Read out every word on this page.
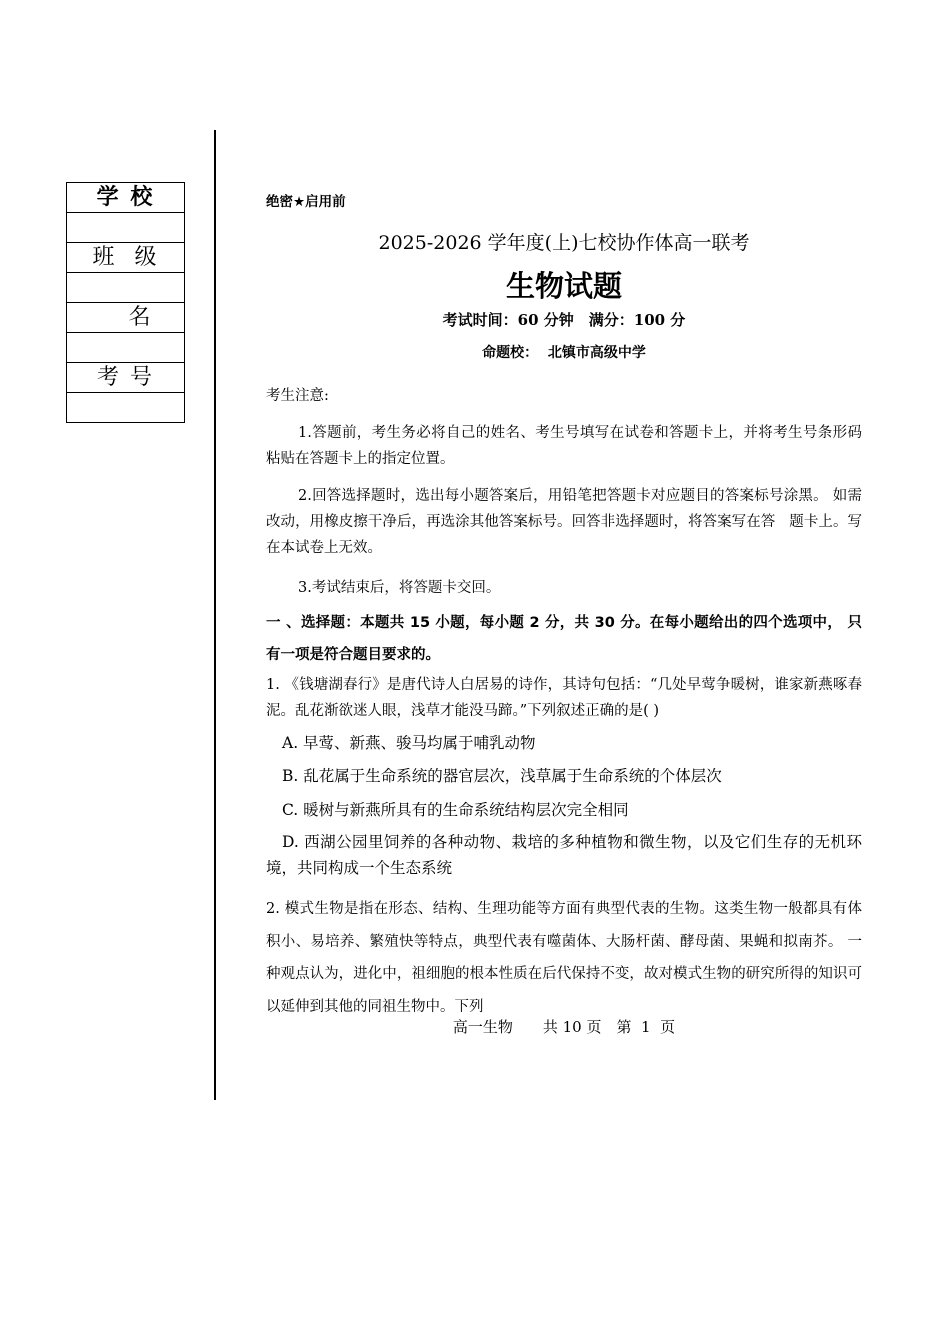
学 校

班  级

名

考 号

绝密★启用前
2025-2026 学年度(上)七校协作体高一联考
生物试题
考试时间：60 分钟　满分：100 分
命题校：  北镇市高级中学
考生注意:
1.答题前，考生务必将自己的姓名、考生号填写在试卷和答题卡上，并将考生号条形码粘贴在答题卡上的指定位置。
2.回答选择题时，选出每小题答案后，用铅笔把答题卡对应题目的答案标号涂黑。 如需改动，用橡皮擦干净后，再选涂其他答案标号。回答非选择题时，将答案写在答   题卡上。写在本试卷上无效。
3.考试结束后，将答题卡交回。
一 、选择题：本题共 15 小题，每小题 2 分，共 30 分。在每小题给出的四个选项中， 只有一项是符合题目要求的。
1. 《钱塘湖春行》是唐代诗人白居易的诗作，其诗句包括：“几处早莺争暖树，谁家新燕啄春泥。乱花渐欲迷人眼，浅草才能没马蹄。”下列叙述正确的是( )
A. 早莺、新燕、骏马均属于哺乳动物
B. 乱花属于生命系统的器官层次，浅草属于生命系统的个体层次
C. 暖树与新燕所具有的生命系统结构层次完全相同
D. 西湖公园里饲养的各种动物、栽培的多种植物和微生物，以及它们生存的无机环境，共同构成一个生态系统
2. 模式生物是指在形态、结构、生理功能等方面有典型代表的生物。这类生物一般都具有体积小、易培养、繁殖快等特点，典型代表有噬菌体、大肠杆菌、酵母菌、果蝇和拟南芥。 一种观点认为，进化中，祖细胞的根本性质在后代保持不变，故对模式生物的研究所得的知识可以延伸到其他的同祖生物中。下列
高一生物　　共 10 页　第  1  页
